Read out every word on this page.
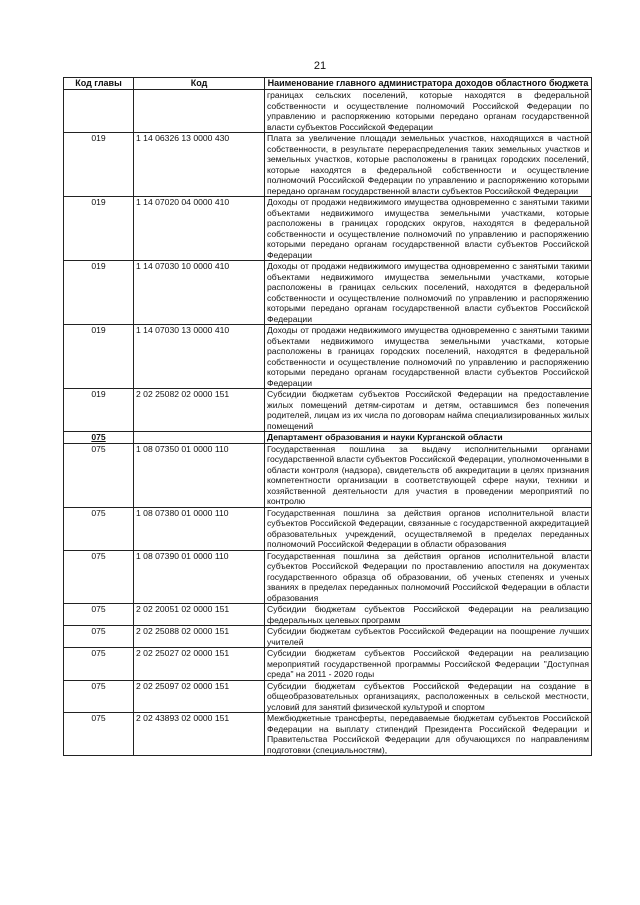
21
Код главы	Код	Наименование главного администратора доходов областного бюджета
		границах сельских поселений, которые находятся в федеральной собственности и осуществление полномочий Российской Федерации по управлению и распоряжению которыми передано органам государственной власти субъектов Российской Федерации
019	1 14 06326 13 0000 430	Плата за увеличение площади земельных участков, находящихся в частной собственности, в результате перераспределения таких земельных участков и земельных участков, которые расположены в границах городских поселений, которые находятся в федеральной собственности и осуществление полномочий Российской Федерации по управлению и распоряжению которыми передано органам государственной власти субъектов Российской Федерации
019	1 14 07020 04 0000 410	Доходы от продажи недвижимого имущества одновременно с занятыми такими объектами недвижимого имущества земельными участками, которые расположены в границах городских округов, находятся в федеральной собственности и осуществление полномочий по управлению и распоряжению которыми передано органам государственной власти субъектов Российской Федерации
019	1 14 07030 10 0000 410	Доходы от продажи недвижимого имущества одновременно с занятыми такими объектами недвижимого имущества земельными участками, которые расположены в границах сельских поселений, находятся в федеральной собственности и осуществление полномочий по управлению и распоряжению которыми передано органам государственной власти субъектов Российской Федерации
019	1 14 07030 13 0000 410	Доходы от продажи недвижимого имущества одновременно с занятыми такими объектами недвижимого имущества земельными участками, которые расположены в границах городских поселений, находятся в федеральной собственности и осуществление полномочий по управлению и распоряжению которыми передано органам государственной власти субъектов Российской Федерации
019	2 02 25082 02 0000 151	Субсидии бюджетам субъектов Российской Федерации на предоставление жилых помещений детям-сиротам и детям, оставшимся без попечения родителей, лицам из их числа по договорам найма специализированных жилых помещений
075		Департамент образования и науки Курганской области
075	1 08 07350 01 0000 110	Государственная пошлина за выдачу исполнительными органами государственной власти субъектов Российской Федерации, уполномоченными в области контроля (надзора), свидетельств об аккредитации в целях признания компетентности организации в соответствующей сфере науки, техники и хозяйственной деятельности для участия в проведении мероприятий по контролю
075	1 08 07380 01 0000 110	Государственная пошлина за действия органов исполнительной власти субъектов Российской Федерации, связанные с государственной аккредитацией образовательных учреждений, осуществляемой в пределах переданных полномочий Российской Федерации в области образования
075	1 08 07390 01 0000 110	Государственная пошлина за действия органов исполнительной власти субъектов Российской Федерации по проставлению апостиля на документах государственного образца об образовании, об ученых степенях и ученых званиях в пределах переданных полномочий Российской Федерации в области образования
075	2 02 20051 02 0000 151	Субсидии бюджетам субъектов Российской Федерации на реализацию федеральных целевых программ
075	2 02 25088 02 0000 151	Субсидии бюджетам субъектов Российской Федерации на поощрение лучших учителей
075	2 02 25027 02 0000 151	Субсидии бюджетам субъектов Российской Федерации на реализацию мероприятий государственной программы Российской Федерации "Доступная среда" на 2011 - 2020 годы
075	2 02 25097 02 0000 151	Субсидии бюджетам субъектов Российской Федерации на создание в общеобразовательных организациях, расположенных в сельской местности, условий для занятий физической культурой и спортом
075	2 02 43893 02 0000 151	Межбюджетные трансферты, передаваемые бюджетам субъектов Российской Федерации на выплату стипендий Президента Российской Федерации и Правительства Российской Федерации для обучающихся по направлениям подготовки (специальностям),
